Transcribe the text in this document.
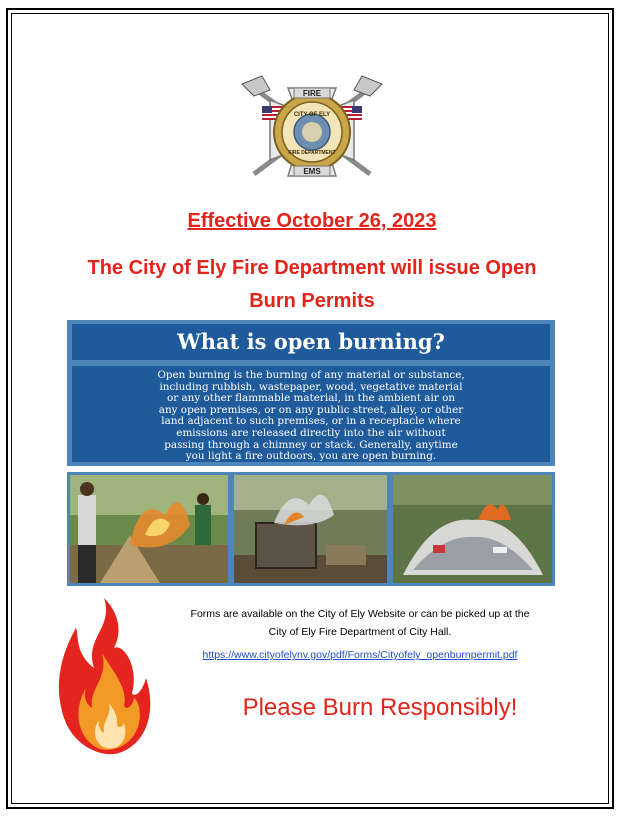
FIRE
CITY OF ELY
FIRE DEPARTMENT
EMS
Effective October 26, 2023
The City of Ely Fire Department will issue Open
Burn Permits
What is open burning?
Open burning is the burning of any material or substance,
including rubbish, wastepaper, wood, vegetative material
or any other flammable material, in the ambient air on
any open premises, or on any public street, alley, or other
land adjacent to such premises, or in a receptacle where
emissions are released directly into the air without
passing through a chimney or stack. Generally, anytime
you light a fire outdoors, you are open burning.
Forms are available on the City of Ely Website or can be picked up at the
City of Ely Fire Department of City Hall.
https://www.cityofelynv.gov/pdf/Forms/Cityofely_openburnpermit.pdf
Please Burn Responsibly!
